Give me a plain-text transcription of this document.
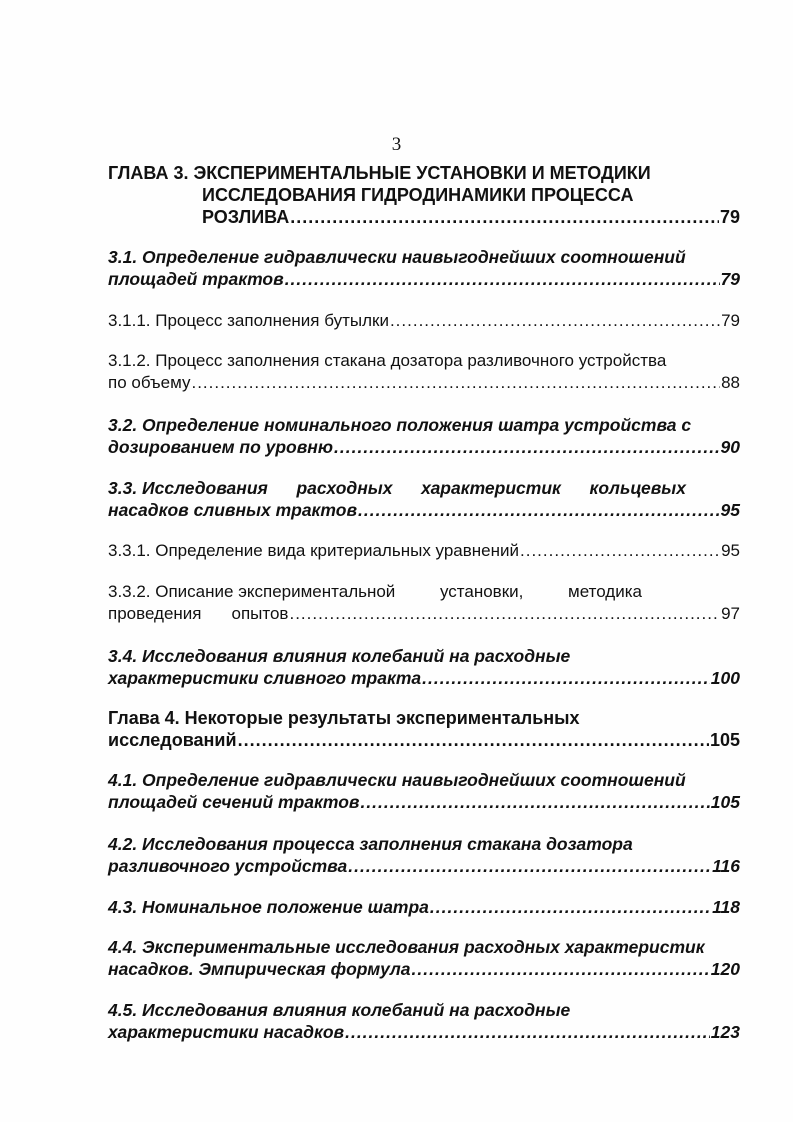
3
ГЛАВА 3. ЭКСПЕРИМЕНТАЛЬНЫЕ УСТАНОВКИ И МЕТОДИКИ
ИССЛЕДОВАНИЯ ГИДРОДИНАМИКИ ПРОЦЕССА
РОЗЛИВА .....	79
3.1. Определение гидравлически наивыгоднейших соотношений
площадей трактов .....	79
3.1.1. Процесс заполнения бутылки .....	79
3.1.2. Процесс заполнения стакана дозатора разливочного устройства
по объему .....	88
3.2. Определение номинального положения шатра устройства с
дозированием по уровню .....	90
3.3. Исследования расходных характеристик кольцевых
насадков сливных трактов .....	95
3.3.1. Определение вида критериальных уравнений .....	95
3.3.2. Описание экспериментальной	установки,	методика
проведения опытов .....	97
3.4. Исследования влияния колебаний на расходные
характеристики сливного тракта .....	100
Глава 4. Некоторые результаты экспериментальных
исследований .....	105
4.1. Определение гидравлически наивыгоднейших соотношений
площадей сечений трактов .....	105
4.2. Исследования процесса заполнения стакана дозатора
разливочного устройства .....	116
4.3. Номинальное положение шатра .....	118
4.4. Экспериментальные исследования расходных характеристик
насадков. Эмпирическая формула .....	120
4.5. Исследования влияния колебаний на расходные
характеристики насадков .....	123
